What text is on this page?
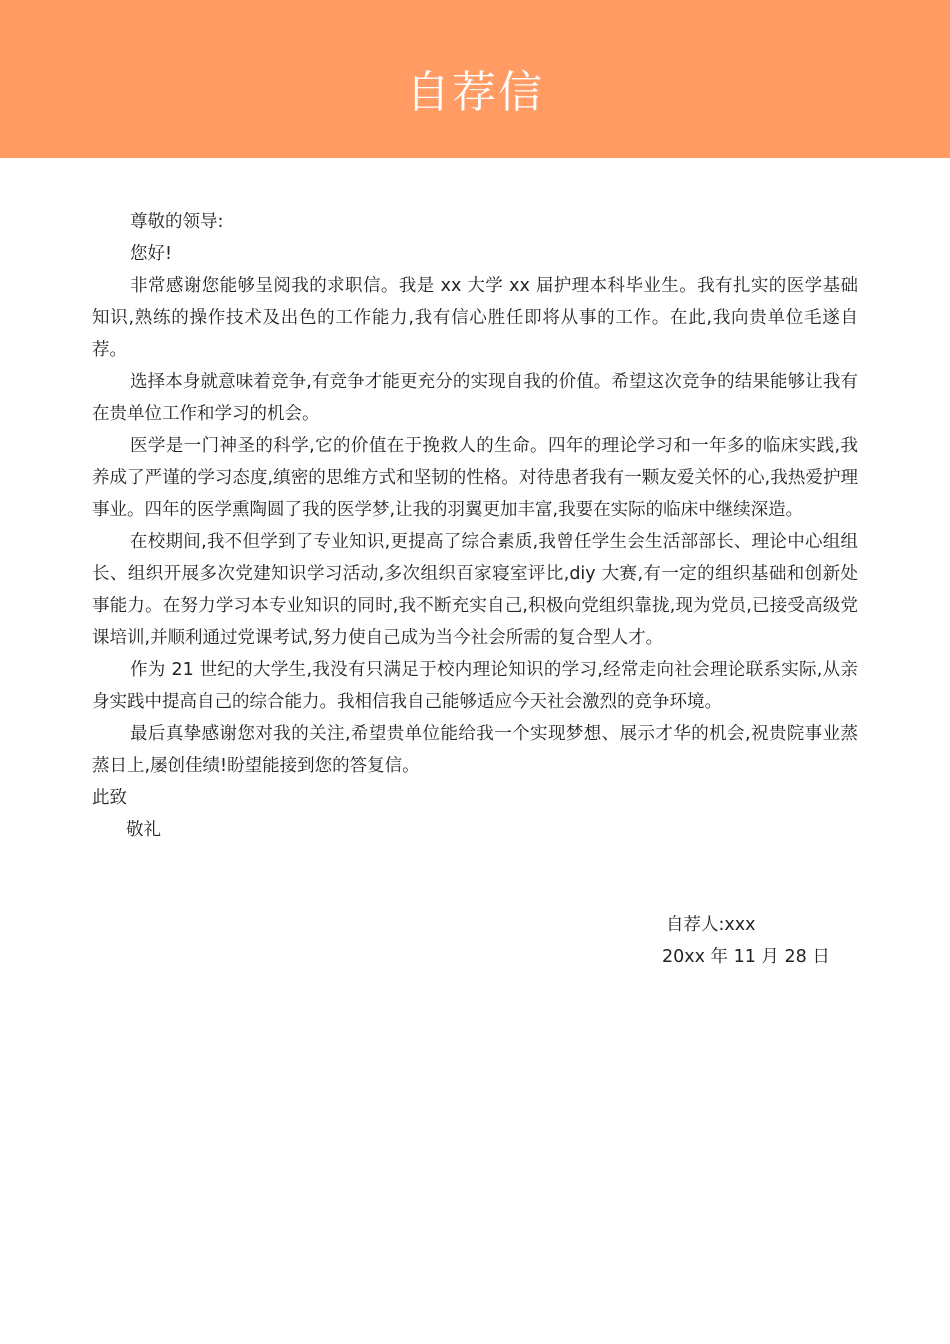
自荐信

尊敬的领导:

您好!

非常感谢您能够呈阅我的求职信。我是 xx 大学 xx 届护理本科毕业生。我有扎实的医学基础知识,熟练的操作技术及出色的工作能力,我有信心胜任即将从事的工作。在此,我向贵单位毛遂自荐。

选择本身就意味着竞争,有竞争才能更充分的实现自我的价值。希望这次竞争的结果能够让我有在贵单位工作和学习的机会。

医学是一门神圣的科学,它的价值在于挽救人的生命。四年的理论学习和一年多的临床实践,我养成了严谨的学习态度,缜密的思维方式和坚韧的性格。对待患者我有一颗友爱关怀的心,我热爱护理事业。四年的医学熏陶圆了我的医学梦,让我的羽翼更加丰富,我要在实际的临床中继续深造。

在校期间,我不但学到了专业知识,更提高了综合素质,我曾任学生会生活部部长、理论中心组组长、组织开展多次党建知识学习活动,多次组织百家寝室评比,diy 大赛,有一定的组织基础和创新处事能力。在努力学习本专业知识的同时,我不断充实自己,积极向党组织靠拢,现为党员,已接受高级党课培训,并顺利通过党课考试,努力使自己成为当今社会所需的复合型人才。

作为 21 世纪的大学生,我没有只满足于校内理论知识的学习,经常走向社会理论联系实际,从亲身实践中提高自己的综合能力。我相信我自己能够适应今天社会激烈的竞争环境。

最后真挚感谢您对我的关注,希望贵单位能给我一个实现梦想、展示才华的机会,祝贵院事业蒸蒸日上,屡创佳绩!盼望能接到您的答复信。

此致

敬礼

自荐人:xxx
20xx 年 11 月 28 日
